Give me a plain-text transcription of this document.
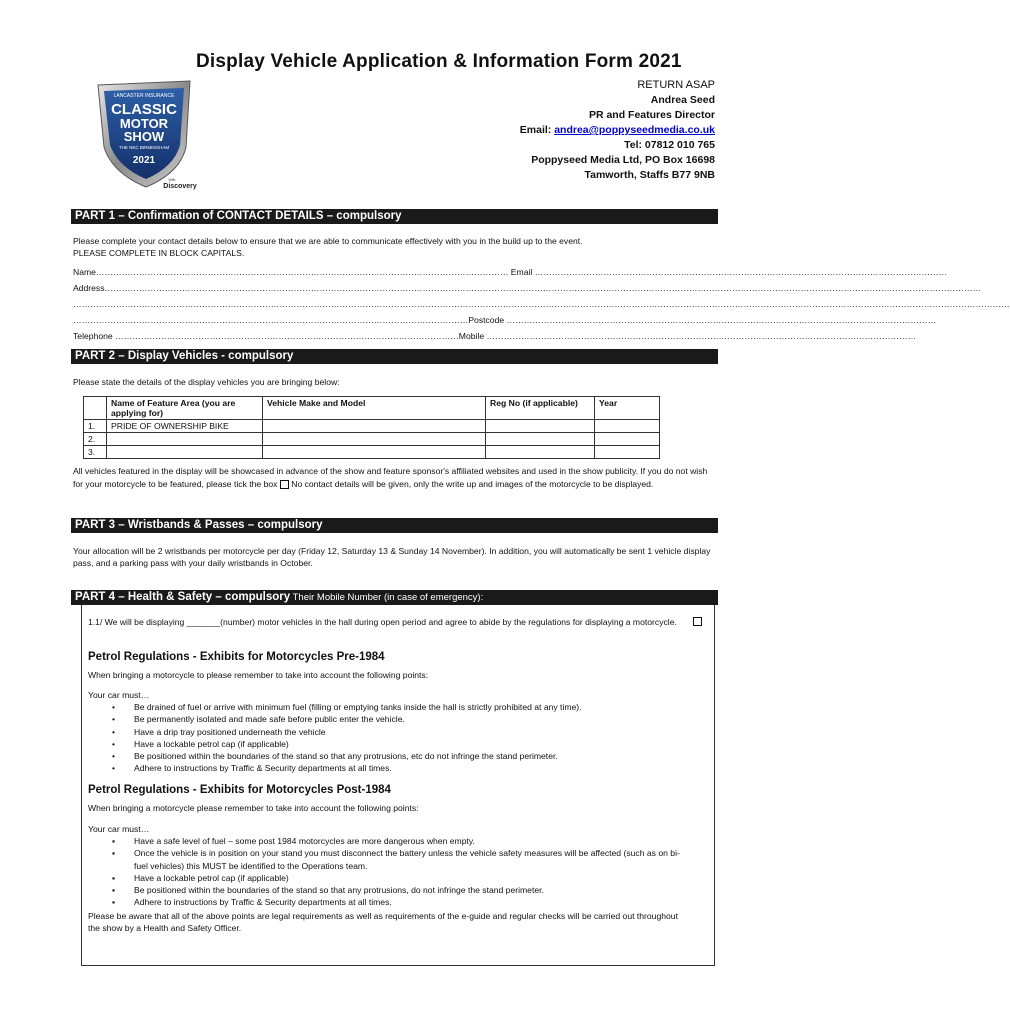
Display Vehicle Application & Information Form 2021
LANCASTER INSURANCE
CLASSIC
MOTOR
SHOW
THE NEC BIRMINGHAM
2021
With
Discovery
RETURN ASAP
Andrea Seed
PR and Features Director
Email: andrea@poppyseedmedia.co.uk
Tel: 07812 010 765
Poppyseed Media Ltd, PO Box 16698
Tamworth, Staffs B77 9NB
PART 1 – Confirmation of CONTACT DETAILS – compulsory
Please complete your contact details below to ensure that we are able to communicate effectively with you in the build up to the event.
PLEASE COMPLETE IN BLOCK CAPITALS.
Name……………………………………………………………………………………………………………………………… Email ………………………………………………………………………………………………………………………………
Address………………………………………………………………………………………………………………………………………………………………………………………………………………………………………………………………………………
…………………………………………………………………………………………………………………………………………………………………………………………………………………………………………………………………………………………………
…………………………………………………………………………………………………………………………Postcode ……………………………………………………………………………………………………………………………………
Telephone …………………………………………………………………………………………………………Mobile ……………………………………………………………………………………………………………………………………
PART 2 – Display Vehicles - compulsory
Please state the details of the display vehicles you are bringing below:
	Name of Feature Area (you are applying for)	Vehicle Make and Model	Reg No (if applicable)	Year
1.	PRIDE OF OWNERSHIP BIKE			
2.				
3.				
All vehicles featured in the display will be showcased in advance of the show and feature sponsor's affiliated websites and used in the show publicity. If you do not wish for your motorcycle to be featured, please tick the box No contact details will be given, only the write up and images of the motorcycle to be displayed.
PART 3 – Wristbands & Passes – compulsory
Your allocation will be 2 wristbands per motorcycle per day (Friday 12, Saturday 13 & Sunday 14 November). In addition, you will automatically be sent 1 vehicle display pass, and a parking pass with your daily wristbands in October.
PART 4 – Health & Safety – compulsory Their Mobile Number (in case of emergency):
1.1/ We will be displaying _______(number) motor vehicles in the hall during open period and agree to abide by the regulations for displaying a motorcycle.
Petrol Regulations - Exhibits for Motorcycles Pre-1984
When bringing a motorcycle to please remember to take into account the following points:
Your car must…
• Be drained of fuel or arrive with minimum fuel (filling or emptying tanks inside the hall is strictly prohibited at any time).
• Be permanently isolated and made safe before public enter the vehicle.
• Have a drip tray positioned underneath the vehicle
• Have a lockable petrol cap (if applicable)
• Be positioned within the boundaries of the stand so that any protrusions, etc do not infringe the stand perimeter.
• Adhere to instructions by Traffic & Security departments at all times.
Petrol Regulations - Exhibits for Motorcycles Post-1984
When bringing a motorcycle please remember to take into account the following points:
Your car must…
▪ Have a safe level of fuel – some post 1984 motorcycles are more dangerous when empty.
▪ Once the vehicle is in position on your stand you must disconnect the battery unless the vehicle safety measures will be affected (such as on bi-fuel vehicles) this MUST be identified to the Operations team.
▪ Have a lockable petrol cap (if applicable)
▪ Be positioned within the boundaries of the stand so that any protrusions, do not infringe the stand perimeter.
▪ Adhere to instructions by Traffic & Security departments at all times.
Please be aware that all of the above points are legal requirements as well as requirements of the e-guide and regular checks will be carried out throughout the show by a Health and Safety Officer.
